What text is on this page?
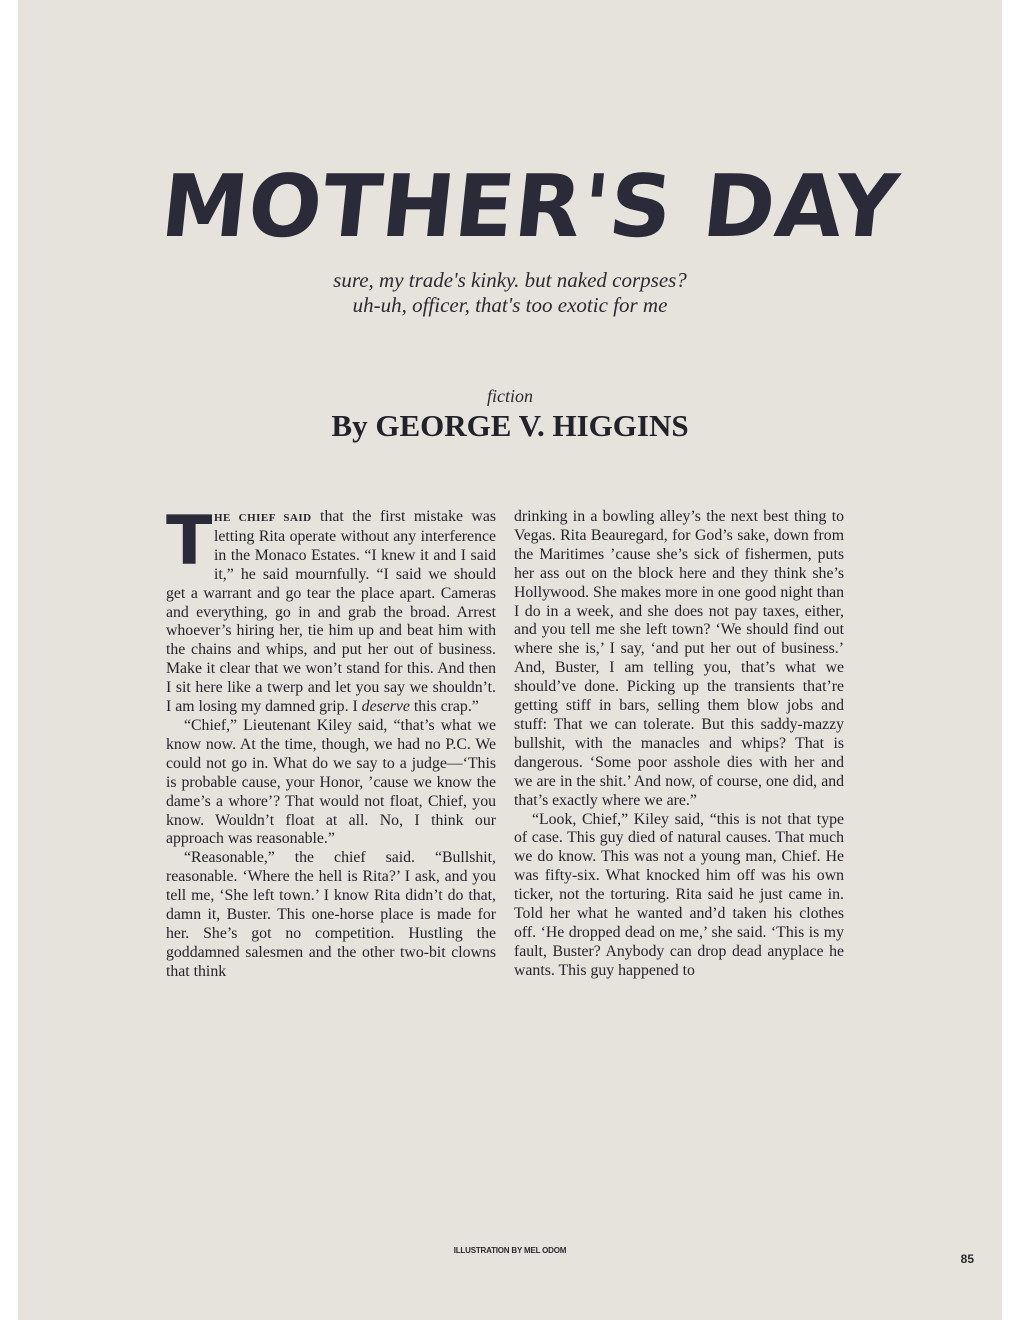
MOTHER'S DAY
sure, my trade's kinky. but naked corpses?
uh-uh, officer, that's too exotic for me
fiction
By GEORGE V. HIGGINS

THE CHIEF SAID that the first mistake was letting Rita operate without any interference in the Monaco Estates. “I knew it and I said it,” he said mournfully. “I said we should get a warrant and go tear the place apart. Cameras and everything, go in and grab the broad. Arrest whoever’s hiring her, tie him up and beat him with the chains and whips, and put her out of business. Make it clear that we won’t stand for this. And then I sit here like a twerp and let you say we shouldn’t. I am losing my damned grip. I deserve this crap.”

“Chief,” Lieutenant Kiley said, “that’s what we know now. At the time, though, we had no P.C. We could not go in. What do we say to a judge—‘This is probable cause, your Honor, ’cause we know the dame’s a whore’? That would not float, Chief, you know. Wouldn’t float at all. No, I think our approach was reasonable.”

“Reasonable,” the chief said. “Bullshit, reasonable. ‘Where the hell is Rita?’ I ask, and you tell me, ‘She left town.’ I know Rita didn’t do that, damn it, Buster. This one-horse place is made for her. She’s got no competition. Hustling the goddamned salesmen and the other two-bit clowns that think

drinking in a bowling alley’s the next best thing to Vegas. Rita Beauregard, for God’s sake, down from the Maritimes ’cause she’s sick of fishermen, puts her ass out on the block here and they think she’s Hollywood. She makes more in one good night than I do in a week, and she does not pay taxes, either, and you tell me she left town? ‘We should find out where she is,’ I say, ‘and put her out of business.’ And, Buster, I am telling you, that’s what we should’ve done. Picking up the transients that’re getting stiff in bars, selling them blow jobs and stuff: That we can tolerate. But this saddy-mazzy bullshit, with the manacles and whips? That is dangerous. ‘Some poor asshole dies with her and we are in the shit.’ And now, of course, one did, and that’s exactly where we are.”

“Look, Chief,” Kiley said, “this is not that type of case. This guy died of natural causes. That much we do know. This was not a young man, Chief. He was fifty-six. What knocked him off was his own ticker, not the torturing. Rita said he just came in. Told her what he wanted and’d taken his clothes off. ‘He dropped dead on me,’ she said. ‘This is my fault, Buster? Anybody can drop dead anyplace he wants. This guy happened to

ILLUSTRATION BY MEL ODOM
85
